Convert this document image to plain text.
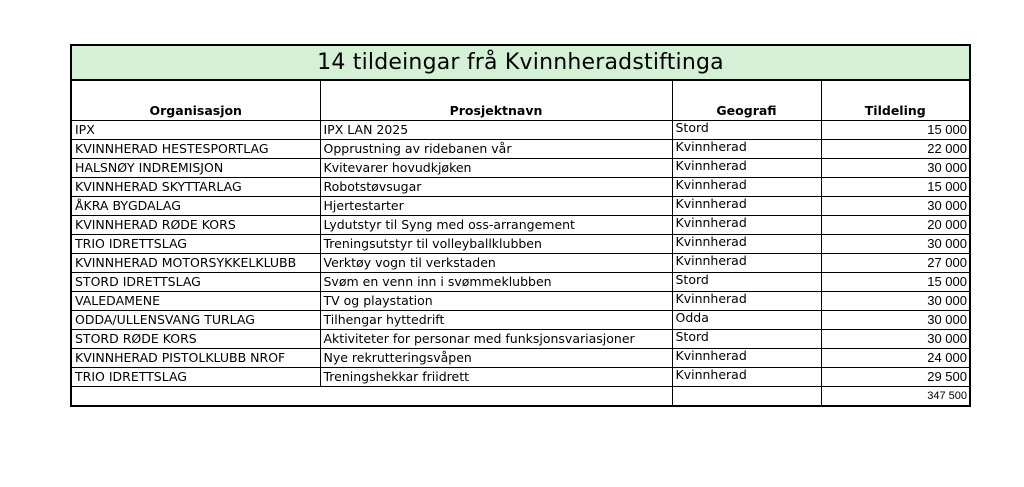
14 tildeingar frå Kvinnheradstiftinga
Organisasjon	Prosjektnavn	Geografi	Tildeling
IPX	IPX LAN 2025	Stord	15 000
KVINNHERAD HESTESPORTLAG	Opprustning av ridebanen vår	Kvinnherad	22 000
HALSNØY INDREMISJON	Kvitevarer hovudkjøken	Kvinnherad	30 000
KVINNHERAD SKYTTARLAG	Robotstøvsugar	Kvinnherad	15 000
ÅKRA BYGDALAG	Hjertestarter	Kvinnherad	30 000
KVINNHERAD RØDE KORS	Lydutstyr til Syng med oss-arrangement	Kvinnherad	20 000
TRIO IDRETTSLAG	Treningsutstyr til volleyballklubben	Kvinnherad	30 000
KVINNHERAD MOTORSYKKELKLUBB	Verktøy vogn til verkstaden	Kvinnherad	27 000
STORD IDRETTSLAG	Svøm en venn inn i svømmeklubben	Stord	15 000
VALEDAMENE	TV og playstation	Kvinnherad	30 000
ODDA/ULLENSVANG TURLAG	Tilhengar hyttedrift	Odda	30 000
STORD RØDE KORS	Aktiviteter for personar med funksjonsvariasjoner	Stord	30 000
KVINNHERAD PISTOLKLUBB NROF	Nye rekrutteringsvåpen	Kvinnherad	24 000
TRIO IDRETTSLAG	Treningshekkar friidrett	Kvinnherad	29 500
			347 500
